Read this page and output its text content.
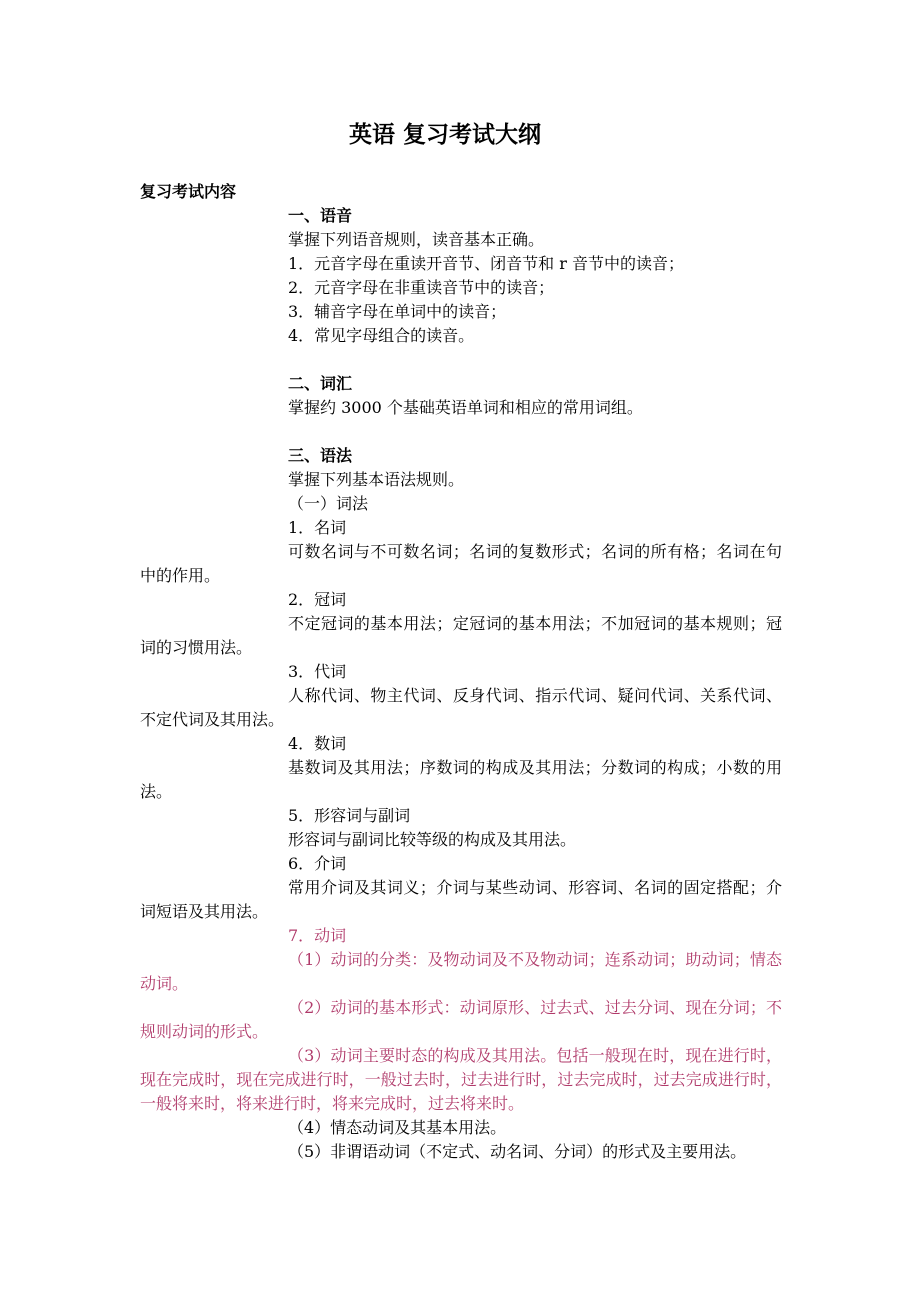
英语 复习考试大纲
复习考试内容
一、语音
掌握下列语音规则，读音基本正确。
1．元音字母在重读开音节、闭音节和 r 音节中的读音；
2．元音字母在非重读音节中的读音；
3．辅音字母在单词中的读音；
4．常见字母组合的读音。
二、词汇
掌握约 3000 个基础英语单词和相应的常用词组。
三、语法
掌握下列基本语法规则。
（一）词法
1．名词
可数名词与不可数名词；名词的复数形式；名词的所有格；名词在句中的作用。
2．冠词
不定冠词的基本用法；定冠词的基本用法；不加冠词的基本规则；冠词的习惯用法。
3．代词
人称代词、物主代词、反身代词、指示代词、疑问代词、关系代词、不定代词及其用法。
4．数词
基数词及其用法；序数词的构成及其用法；分数词的构成；小数的用法。
5．形容词与副词
形容词与副词比较等级的构成及其用法。
6．介词
常用介词及其词义；介词与某些动词、形容词、名词的固定搭配；介词短语及其用法。
7．动词
（1）动词的分类：及物动词及不及物动词；连系动词；助动词；情态动词。
（2）动词的基本形式：动词原形、过去式、过去分词、现在分词；不规则动词的形式。
（3）动词主要时态的构成及其用法。包括一般现在时，现在进行时，现在完成时，现在完成进行时，一般过去时，过去进行时，过去完成时，过去完成进行时，一般将来时，将来进行时，将来完成时，过去将来时。
（4）情态动词及其基本用法。
（5）非谓语动词（不定式、动名词、分词）的形式及主要用法。
